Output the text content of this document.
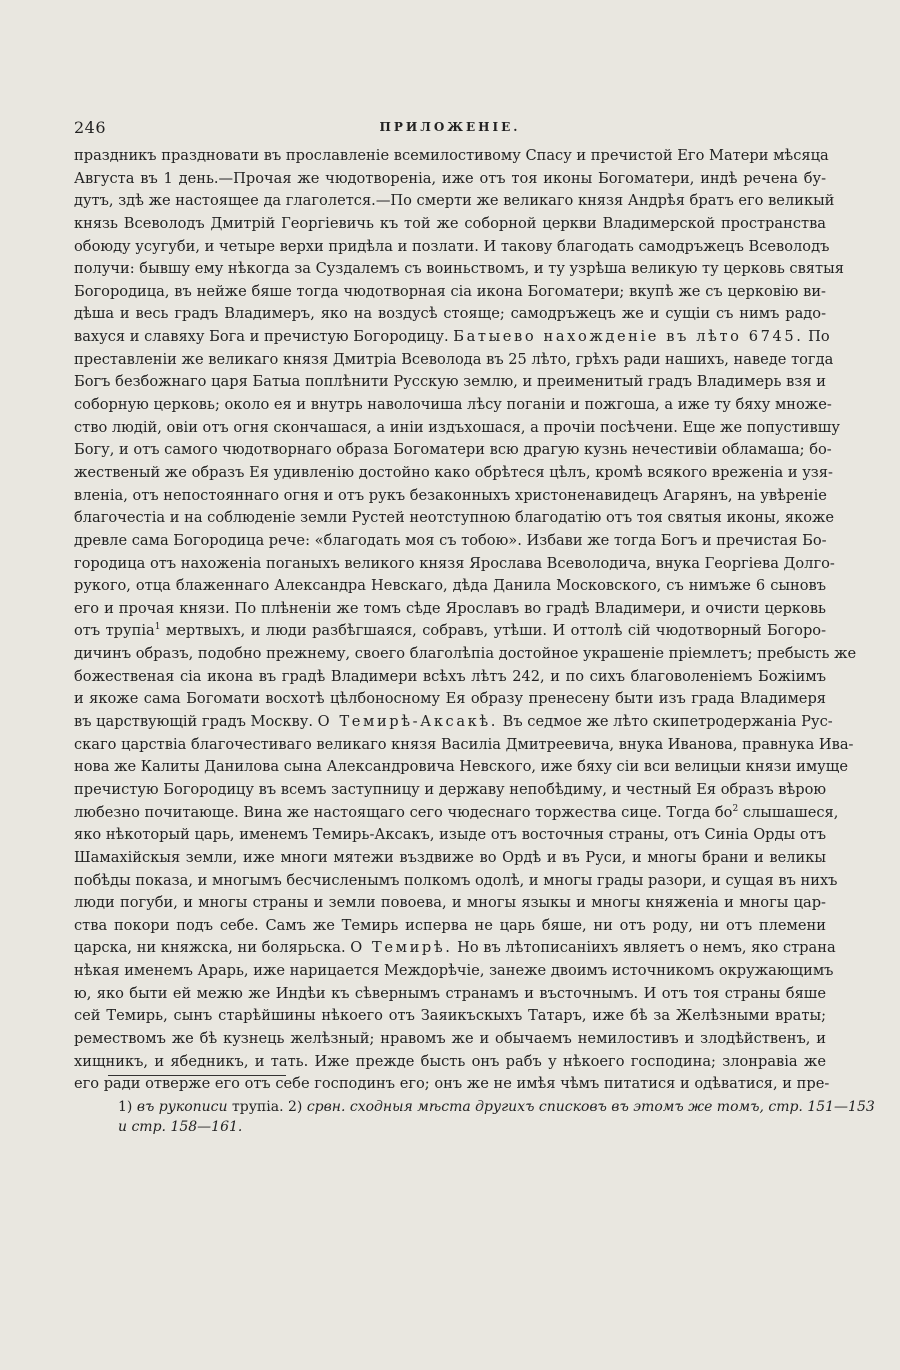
246	ПРИЛОЖЕНІЕ.
праздникъ праздновати въ прославленіе всемилостивому Спасу и пречистой Его Матери мѣсяца
Августа въ 1 день.—Прочая же чюдотвореніа, иже отъ тоя иконы Богоматери, индѣ речена бу-
дутъ, здѣ же настоящее да глаголется.—По смерти же великаго князя Андрѣя братъ его великый
князь Всеволодъ Дмитрій Георгіевичь къ той же соборной церкви Владимерской пространства
обоюду усугуби, и четыре верхи придѣла и позлати. И такову благодать самодръжецъ Всеволодъ
получи: бывшу ему нѣкогда за Суздалемъ съ воиньствомъ, и ту узрѣша великую ту церковь святыя
Богородица, въ нейже бяше тогда чюдотворная сіа икона Богоматери; вкупѣ же съ церковію ви-
дѣша и весь градъ Владимеръ, яко на воздусѣ стояще; самодръжецъ же и сущіи съ нимъ радо-
вахуся и славяху Бога и пречистую Богородицу. Батыево нахожденіе въ лѣто 6745. По
преставленіи же великаго князя Дмитріа Всеволода въ 25 лѣто, грѣхъ ради нашихъ, наведе тогда
Богъ безбожнаго царя Батыа поплѣнити Русскую землю, и преименитый градъ Владимерь взя и
соборную церковь; около ея и внутрь наволочиша лѣсу поганіи и пожгоша, а иже ту бяху множе-
ство людій, овіи отъ огня скончашася, а иніи издъхошася, а прочіи посѣчени. Еще же попустившу
Богу, и отъ самого чюдотворнаго образа Богоматери всю драгую кузнь нечестивіи обламаша; бо-
жественый же образъ Ея удивленію достойно како обрѣтеся цѣлъ, кромѣ всякого вреженіа и узя-
вленіа, отъ непостояннаго огня и отъ рукъ безаконныхъ христоненавидецъ Агарянъ, на увѣреніе
благочестіа и на соблюденіе земли Рустей неотступною благодатію отъ тоя святыя иконы, якоже
древле сама Богородица рече: «благодать моя съ тобою». Избави же тогда Богъ и пречистая Бо-
городица отъ нахоженіа поганыхъ великого князя Ярослава Всеволодича, внука Георгіева Долго-
рукого, отца блаженнаго Александра Невскаго, дѣда Данила Московского, съ нимъже 6 сыновъ
его и прочая князи. По плѣненіи же томъ сѣде Ярославъ во градѣ Владимери, и очисти церковь
отъ трупіа$^1$ мертвыхъ, и люди разбѣгшаяся, собравъ, утѣши. И оттолѣ сій чюдотворный Богоро-
дичинъ образъ, подобно прежнему, своего благолѣпіа достойное украшеніе пріемлетъ; пребысть же
божественая сіа икона въ градѣ Владимери всѣхъ лѣтъ 242, и по сихъ благоволеніемъ Божіимъ
и якоже сама Богомати восхотѣ цѣлбоносному Ея образу пренесену быти изъ града Владимеря
въ царствующій градъ Москву. О Темирѣ-Аксакѣ. Въ седмое же лѣто скипетродержаніа Рус-
скаго царствіа благочестиваго великаго князя Василіа Дмитреевича, внука Иванова, правнука Ива-
нова же Калиты Данилова сына Александровича Невского, иже бяху сіи вси велицыи князи имуще
пречистую Богородицу въ всемъ заступницу и державу непобѣдиму, и честный Ея образъ вѣрою
любезно почитающе. Вина же настоящаго сего чюдеснаго торжества сице. Тогда $бо^2$ слышашеся,
яко нѣкоторый царь, именемъ Темирь-Аксакъ, изыде отъ восточныя страны, отъ Синіа Орды отъ
Шамахійскыя земли, иже многи мятежи въздвиже во Ордѣ и въ Руси, и многы брани и великы
побѣды показа, и многымъ бесчисленымъ полкомъ одолѣ, и многы грады разори, и сущая въ нихъ
люди погуби, и многы страны и земли повоева, и многы языкы и многы княженіа и многы цар-
ства покори подъ себе. Самъ же Темирь исперва не царь бяше, ни отъ роду, ни отъ племени
царска, ни княжска, ни болярьска. О Темирѣ. Но въ лѣтописаніихъ являетъ о немъ, яко страна
нѣкая именемъ Арарь, иже нарицается Междорѣчіе, занеже двоимъ источникомъ окружающимъ
ю, яко быти ей межю же Индѣи къ сѣвернымъ странамъ и въсточнымъ. И отъ тоя страны бяше
сей Темирь, сынъ старѣйшины нѣкоего отъ Заяикъскыхъ Татаръ, иже бѣ за Желѣзными враты;
ремествомъ же бѣ кузнець желѣзный; нравомъ же и обычаемъ немилостивъ и злодѣйственъ, и
хищникъ, и ябедникъ, и тать. Иже прежде бысть онъ рабъ у нѣкоего господина; злонравіа же
его ради отверже его отъ себе господинъ его; онъ же не имѣя чѣмъ питатися и одѣватися, и пре-
1) въ рукописи трупіа. 2) срвн. сходныя мѣста другихъ списковъ въ этомъ же томъ, стр. 151—153
и стр. 158—161.
